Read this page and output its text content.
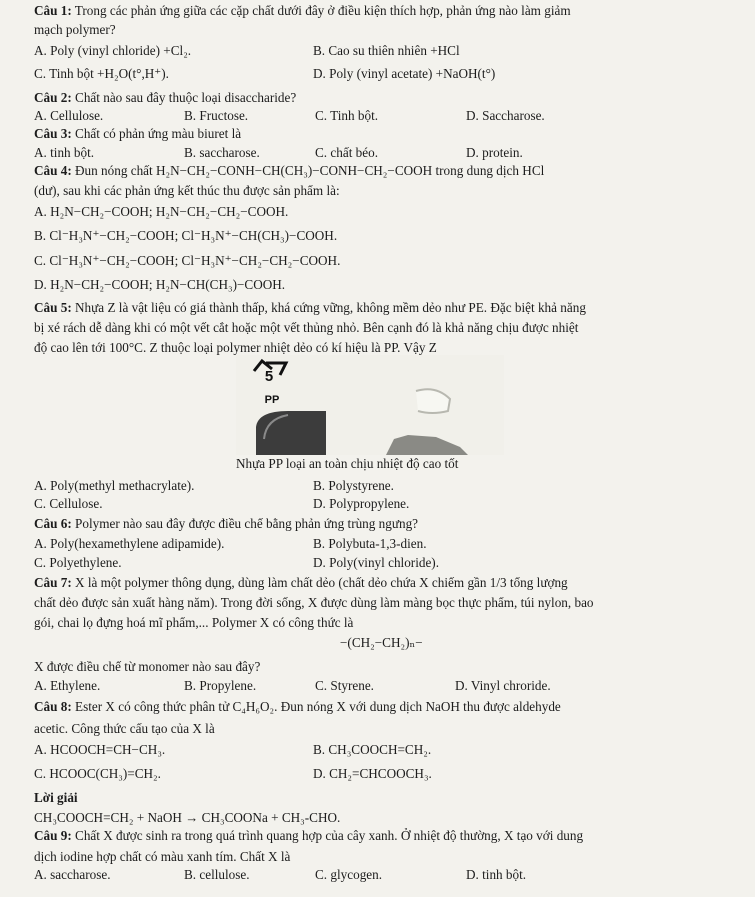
Câu 1: Trong các phản ứng giữa các cặp chất dưới đây ở điều kiện thích hợp, phản ứng nào làm giảm
mạch polymer?
A. Poly (vinyl chloride) +Cl₂.	B. Cao su thiên nhiên +HCl
C. Tinh bột +H₂O(t°,H⁺).	D. Poly (vinyl acetate) +NaOH(t°)
Câu 2: Chất nào sau đây thuộc loại disaccharide?
A. Cellulose.	B. Fructose.	C. Tinh bột.	D. Saccharose.
Câu 3: Chất có phản ứng màu biuret là
A. tinh bột.	B. saccharose.	C. chất béo.	D. protein.
Câu 4: Đun nóng chất H₂N−CH₂−CONH−CH(CH₃)−CONH−CH₂−COOH trong dung dịch HCl
(dư), sau khi các phản ứng kết thúc thu được sản phẩm là:
A. H₂N−CH₂−COOH; H₂N−CH₂−CH₂−COOH.
B. Cl⁻H₃N⁺−CH₂−COOH; Cl⁻H₃N⁺−CH(CH₃)−COOH.
C. Cl⁻H₃N⁺−CH₂−COOH; Cl⁻H₃N⁺−CH₂−CH₂−COOH.
D. H₂N−CH₂−COOH; H₂N−CH(CH₃)−COOH.
Câu 5: Nhựa Z là vật liệu có giá thành thấp, khá cứng vững, không mềm dẻo như PE. Đặc biệt khả năng
bị xé rách dễ dàng khi có một vết cắt hoặc một vết thủng nhỏ. Bên cạnh đó là khả năng chịu được nhiệt
độ cao lên tới 100°C. Z thuộc loại polymer nhiệt dẻo có kí hiệu là PP. Vậy Z
5
PP
Nhựa PP loại an toàn chịu nhiệt độ cao tốt
A. Poly(methyl methacrylate).	B. Polystyrene.
C. Cellulose.	D. Polypropylene.
Câu 6: Polymer nào sau đây được điều chế bằng phản ứng trùng ngưng?
A. Poly(hexamethylene adipamide).	B. Polybuta-1,3-dien.
C. Polyethylene.	D. Poly(vinyl chloride).
Câu 7: X là một polymer thông dụng, dùng làm chất dẻo (chất dẻo chứa X chiếm gần 1/3 tổng lượng
chất dẻo được sản xuất hàng năm). Trong đời sống, X được dùng làm màng bọc thực phẩm, túi nylon, bao
gói, chai lọ đựng hoá mĩ phẩm,... Polymer X có công thức là
−(CH₂−CH₂)ₙ−
X được điều chế từ monomer nào sau đây?
A. Ethylene.	B. Propylene.	C. Styrene.	D. Vinyl chroride.
Câu 8: Ester X có công thức phân tử C₄H₆O₂. Đun nóng X với dung dịch NaOH thu được aldehyde
acetic. Công thức cấu tạo của X là
A. HCOOCH=CH−CH₃.	B. CH₃COOCH=CH₂.
C. HCOOC(CH₃)=CH₂.	D. CH₂=CHCOOCH₃.
Lời giải
CH₃COOCH=CH₂ + NaOH → CH₃COONa + CH₃-CHO.
Câu 9: Chất X được sinh ra trong quá trình quang hợp của cây xanh. Ở nhiệt độ thường, X tạo với dung
dịch iodine hợp chất có màu xanh tím. Chất X là
A. saccharose.	B. cellulose.	C. glycogen.	D. tinh bột.
